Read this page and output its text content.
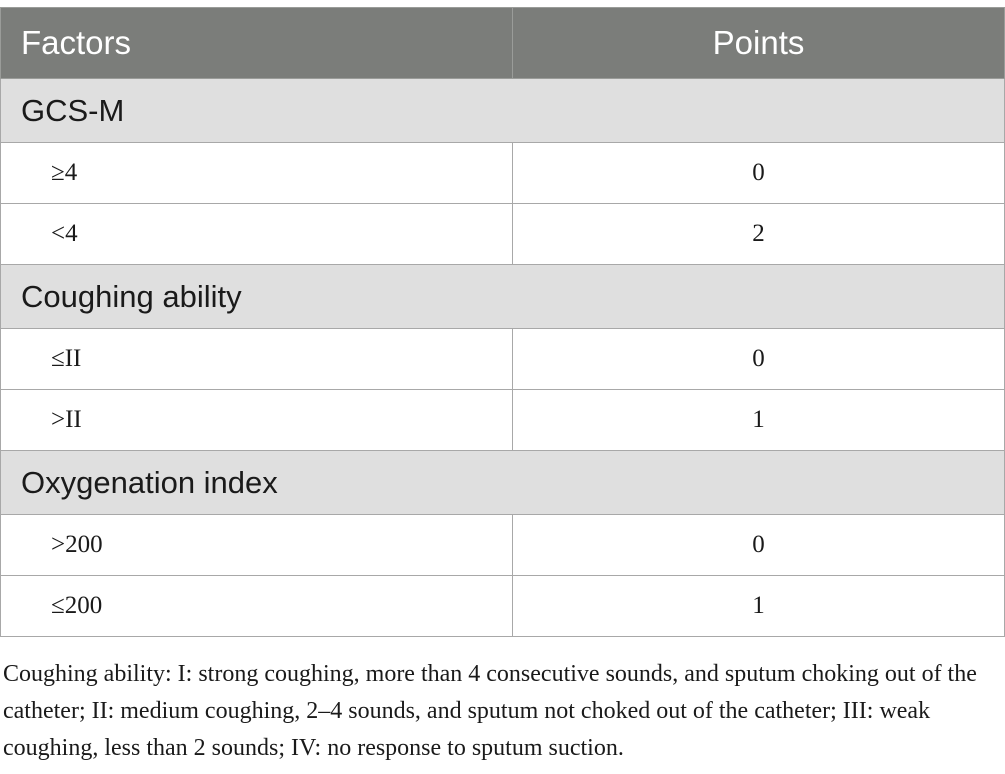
Factors	Points
GCS-M	
≥4	0
<4	2
Coughing ability	
≤II	0
>II	1
Oxygenation index	
>200	0
≤200	1

Coughing ability: I: strong coughing, more than 4 consecutive sounds, and sputum choking out of the catheter; II: medium coughing, 2–4 sounds, and sputum not choked out of the catheter; III: weak coughing, less than 2 sounds; IV: no response to sputum suction.
